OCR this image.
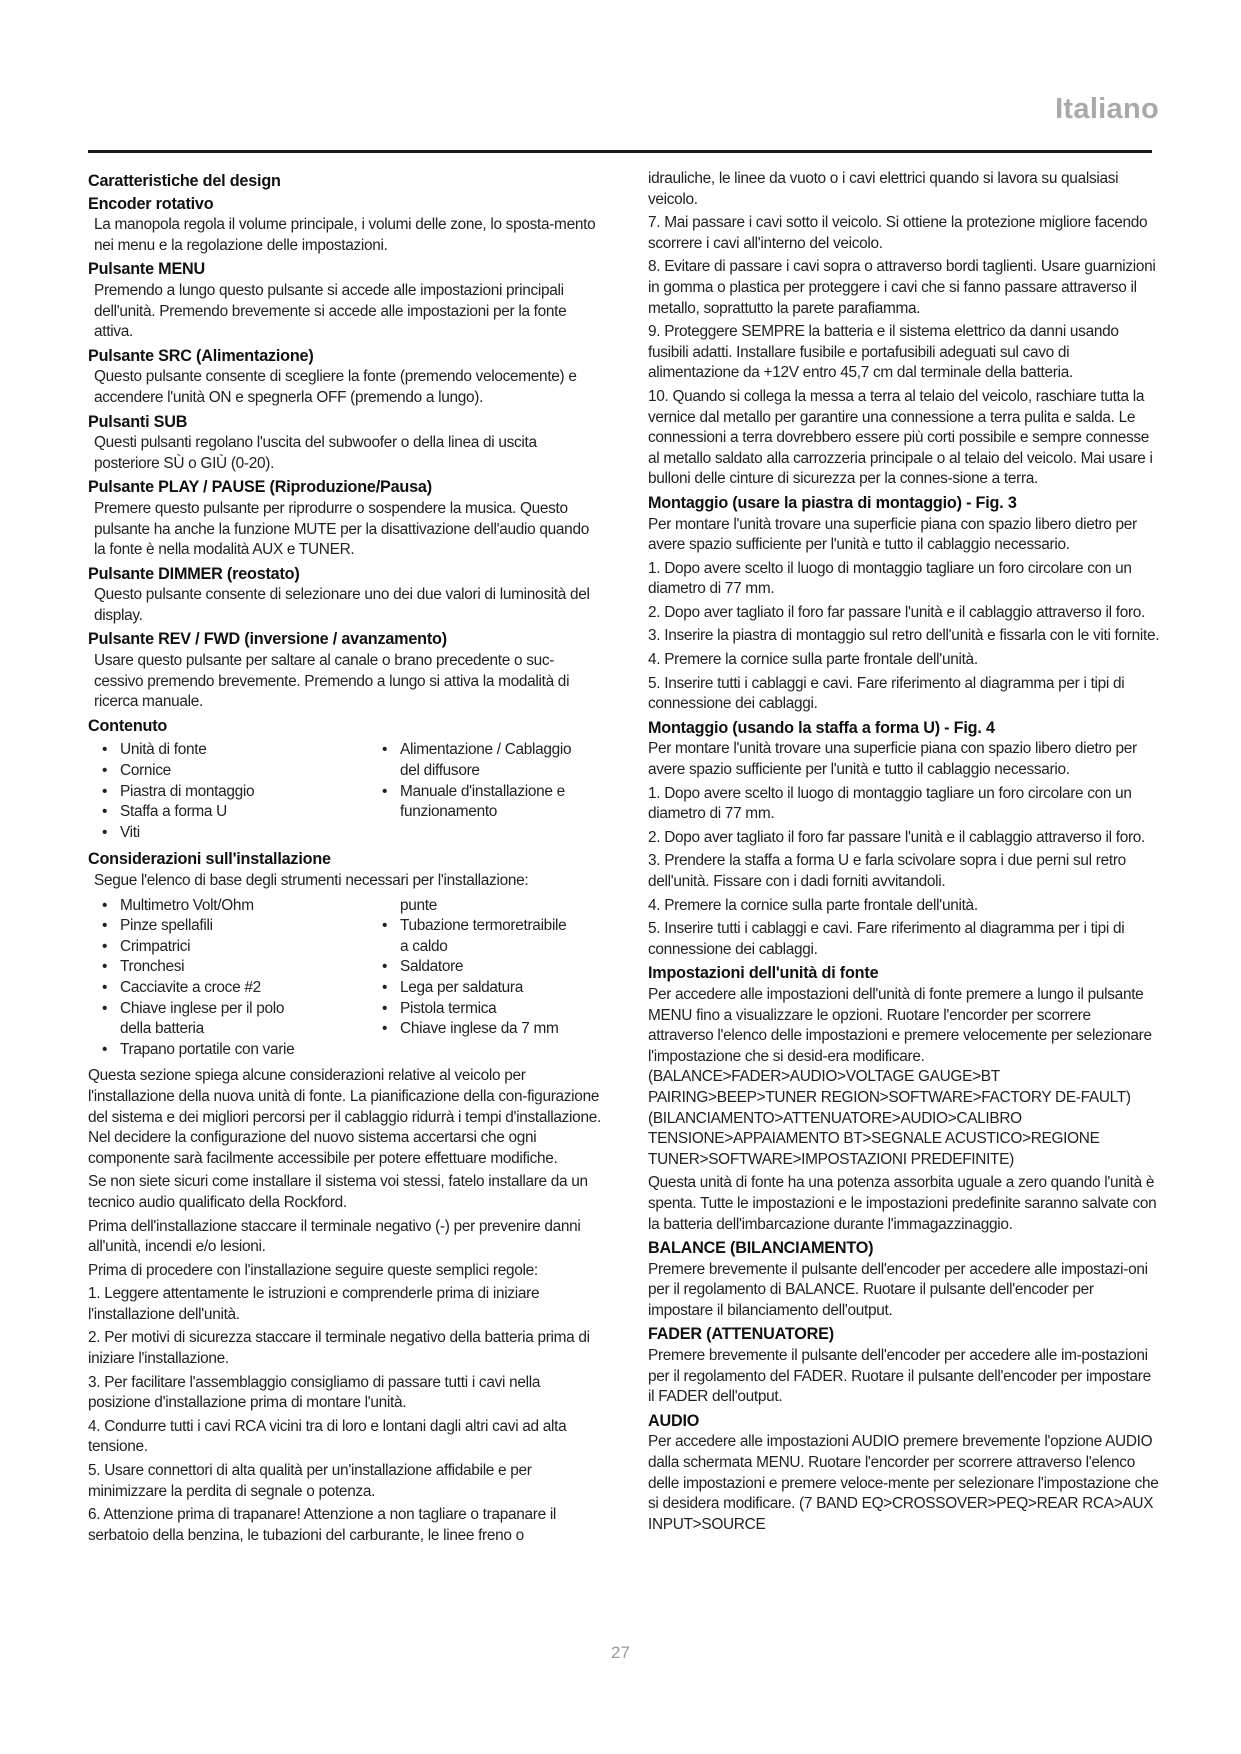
Italiano
Caratteristiche del design
Encoder rotativo
La manopola regola il volume principale, i volumi delle zone, lo sposta-mento nei menu e la regolazione delle impostazioni.
Pulsante MENU
Premendo a lungo questo pulsante si accede alle impostazioni principali dell'unità. Premendo brevemente si accede alle impostazioni per la fonte attiva.
Pulsante SRC (Alimentazione)
Questo pulsante consente di scegliere la fonte (premendo velocemente) e accendere l'unità ON e spegnerla OFF (premendo a lungo).
Pulsanti SUB
Questi pulsanti regolano l'uscita del subwoofer o della linea di uscita posteriore SÙ o GIÙ (0-20).
Pulsante PLAY / PAUSE (Riproduzione/Pausa)
Premere questo pulsante per riprodurre o sospendere la musica. Questo pulsante ha anche la funzione MUTE per la disattivazione dell'audio quando la fonte è nella modalità AUX e TUNER.
Pulsante DIMMER (reostato)
Questo pulsante consente di selezionare uno dei due valori di luminosità del display.
Pulsante REV / FWD (inversione / avanzamento)
Usare questo pulsante per saltare al canale o brano precedente o suc-cessivo premendo brevemente. Premendo a lungo si attiva la modalità di ricerca manuale.
Contenuto
• Unità di fonte
• Cornice
• Piastra di montaggio
• Staffa a forma U
• Viti
• Alimentazione / Cablaggio
del diffusore
• Manuale d'installazione e
funzionamento
Considerazioni sull'installazione
Segue l'elenco di base degli strumenti necessari per l'installazione:
• Multimetro Volt/Ohm
• Pinze spellafili
• Crimpatrici
• Tronchesi
• Cacciavite a croce #2
• Chiave inglese per il polo
della batteria
• Trapano portatile con varie
punte
• Tubazione termoretraibile
a caldo
• Saldatore
• Lega per saldatura
• Pistola termica
• Chiave inglese da 7 mm
Questa sezione spiega alcune considerazioni relative al veicolo per l'installazione della nuova unità di fonte. La pianificazione della con-figurazione del sistema e dei migliori percorsi per il cablaggio ridurrà i tempi d'installazione. Nel decidere la configurazione del nuovo sistema accertarsi che ogni componente sarà facilmente accessibile per potere effettuare modifiche.
Se non siete sicuri come installare il sistema voi stessi, fatelo installare da un tecnico audio qualificato della Rockford.
Prima dell'installazione staccare il terminale negativo (-) per prevenire danni all'unità, incendi e/o lesioni.
Prima di procedere con l'installazione seguire queste semplici regole:
1. Leggere attentamente le istruzioni e comprenderle prima di iniziare l'installazione dell'unità.
2. Per motivi di sicurezza staccare il terminale negativo della batteria prima di iniziare l'installazione.
3. Per facilitare l'assemblaggio consigliamo di passare tutti i cavi nella posizione d'installazione prima di montare l'unità.
4. Condurre tutti i cavi RCA vicini tra di loro e lontani dagli altri cavi ad alta tensione.
5. Usare connettori di alta qualità per un'installazione affidabile e per minimizzare la perdita di segnale o potenza.
6. Attenzione prima di trapanare! Attenzione a non tagliare o trapanare il serbatoio della benzina, le tubazioni del carburante, le linee freno o
idrauliche, le linee da vuoto o i cavi elettrici quando si lavora su qualsiasi veicolo.
7. Mai passare i cavi sotto il veicolo. Si ottiene la protezione migliore facendo scorrere i cavi all'interno del veicolo.
8. Evitare di passare i cavi sopra o attraverso bordi taglienti. Usare guarnizioni in gomma o plastica per proteggere i cavi che si fanno passare attraverso il metallo, soprattutto la parete parafiamma.
9. Proteggere SEMPRE la batteria e il sistema elettrico da danni usando fusibili adatti. Installare fusibile e portafusibili adeguati sul cavo di alimentazione da +12V entro 45,7 cm dal terminale della batteria.
10. Quando si collega la messa a terra al telaio del veicolo, raschiare tutta la vernice dal metallo per garantire una connessione a terra pulita e salda. Le connessioni a terra dovrebbero essere più corti possibile e sempre connesse al metallo saldato alla carrozzeria principale o al telaio del veicolo. Mai usare i bulloni delle cinture di sicurezza per la connes-sione a terra.
Montaggio (usare la piastra di montaggio) - Fig. 3
Per montare l'unità trovare una superficie piana con spazio libero dietro per avere spazio sufficiente per l'unità e tutto il cablaggio necessario.
1. Dopo avere scelto il luogo di montaggio tagliare un foro circolare con un diametro di 77 mm.
2. Dopo aver tagliato il foro far passare l'unità e il cablaggio attraverso il foro.
3. Inserire la piastra di montaggio sul retro dell'unità e fissarla con le viti fornite.
4. Premere la cornice sulla parte frontale dell'unità.
5. Inserire tutti i cablaggi e cavi. Fare riferimento al diagramma per i tipi di connessione dei cablaggi.
Montaggio (usando la staffa a forma U) - Fig. 4
Per montare l'unità trovare una superficie piana con spazio libero dietro per avere spazio sufficiente per l'unità e tutto il cablaggio necessario.
1. Dopo avere scelto il luogo di montaggio tagliare un foro circolare con un diametro di 77 mm.
2. Dopo aver tagliato il foro far passare l'unità e il cablaggio attraverso il foro.
3. Prendere la staffa a forma U e farla scivolare sopra i due perni sul retro dell'unità. Fissare con i dadi forniti avvitandoli.
4. Premere la cornice sulla parte frontale dell'unità.
5. Inserire tutti i cablaggi e cavi. Fare riferimento al diagramma per i tipi di connessione dei cablaggi.
Impostazioni dell'unità di fonte
Per accedere alle impostazioni dell'unità di fonte premere a lungo il pulsante MENU fino a visualizzare le opzioni. Ruotare l'encorder per scorrere attraverso l'elenco delle impostazioni e premere velocemente per selezionare l'impostazione che si desid-era modificare. (BALANCE>FADER>AUDIO>VOLTAGE GAUGE>BT PAIRING>BEEP>TUNER REGION>SOFTWARE>FACTORY DE-FAULT) (BILANCIAMENTO>ATTENUATORE>AUDIO>CALIBRO TENSIONE>APPAIAMENTO BT>SEGNALE ACUSTICO>REGIONE TUNER>SOFTWARE>IMPOSTAZIONI PREDEFINITE)
Questa unità di fonte ha una potenza assorbita uguale a zero quando l'unità è spenta. Tutte le impostazioni e le impostazioni predefinite saranno salvate con la batteria dell'imbarcazione durante l'immagazzinaggio.
BALANCE (BILANCIAMENTO)
Premere brevemente il pulsante dell'encoder per accedere alle impostazi-oni per il regolamento di BALANCE. Ruotare il pulsante dell'encoder per impostare il bilanciamento dell'output.
FADER (ATTENUATORE)
Premere brevemente il pulsante dell'encoder per accedere alle im-postazioni per il regolamento del FADER. Ruotare il pulsante dell'encoder per impostare il FADER dell'output.
AUDIO
Per accedere alle impostazioni AUDIO premere brevemente l'opzione AUDIO dalla schermata MENU. Ruotare l'encorder per scorrere attraverso l'elenco delle impostazioni e premere veloce-mente per selezionare l'impostazione che si desidera modificare. (7 BAND EQ>CROSSOVER>PEQ>REAR RCA>AUX INPUT>SOURCE
27
